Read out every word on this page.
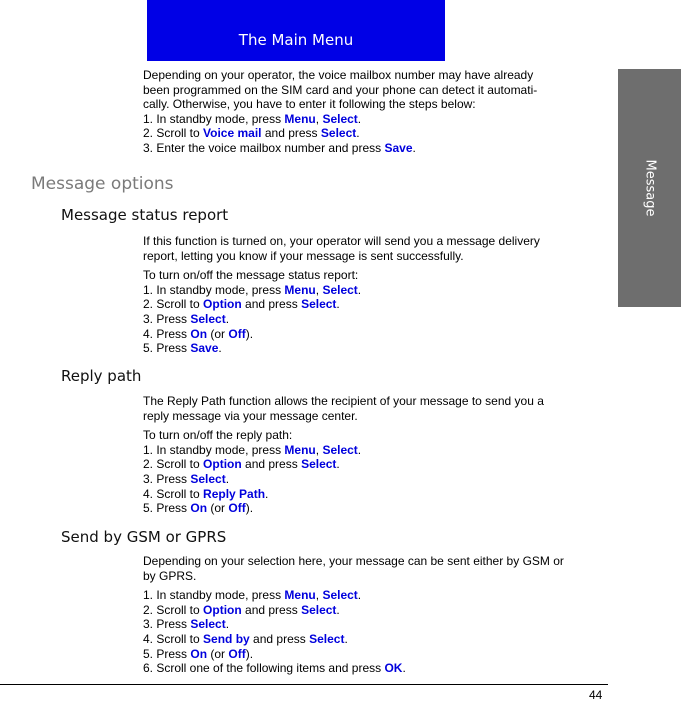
The Main Menu
Message

Depending on your operator, the voice mailbox number may have already

been programmed on the SIM card and your phone can detect it automati-

cally. Otherwise, you have to enter it following the steps below:

1. In standby mode, press Menu, Select.

2. Scroll to Voice mail and press Select.

3. Enter the voice mailbox number and press Save.

Message options
Message status report

If this function is turned on, your operator will send you a message delivery

report, letting you know if your message is sent successfully.

To turn on/off the message status report:

1. In standby mode, press Menu, Select.

2. Scroll to Option and press Select.

3. Press Select.

4. Press On (or Off).

5. Press Save.

Reply path

The Reply Path function allows the recipient of your message to send you a

reply message via your message center.

To turn on/off the reply path:

1. In standby mode, press Menu, Select.

2. Scroll to Option and press Select.

3. Press Select.

4. Scroll to Reply Path.

5. Press On (or Off).

Send by GSM or GPRS

Depending on your selection here, your message can be sent either by GSM or

by GPRS.

1. In standby mode, press Menu, Select.

2. Scroll to Option and press Select.

3. Press Select.

4. Scroll to Send by and press Select.

5. Press On (or Off).

6. Scroll one of the following items and press OK.

44
